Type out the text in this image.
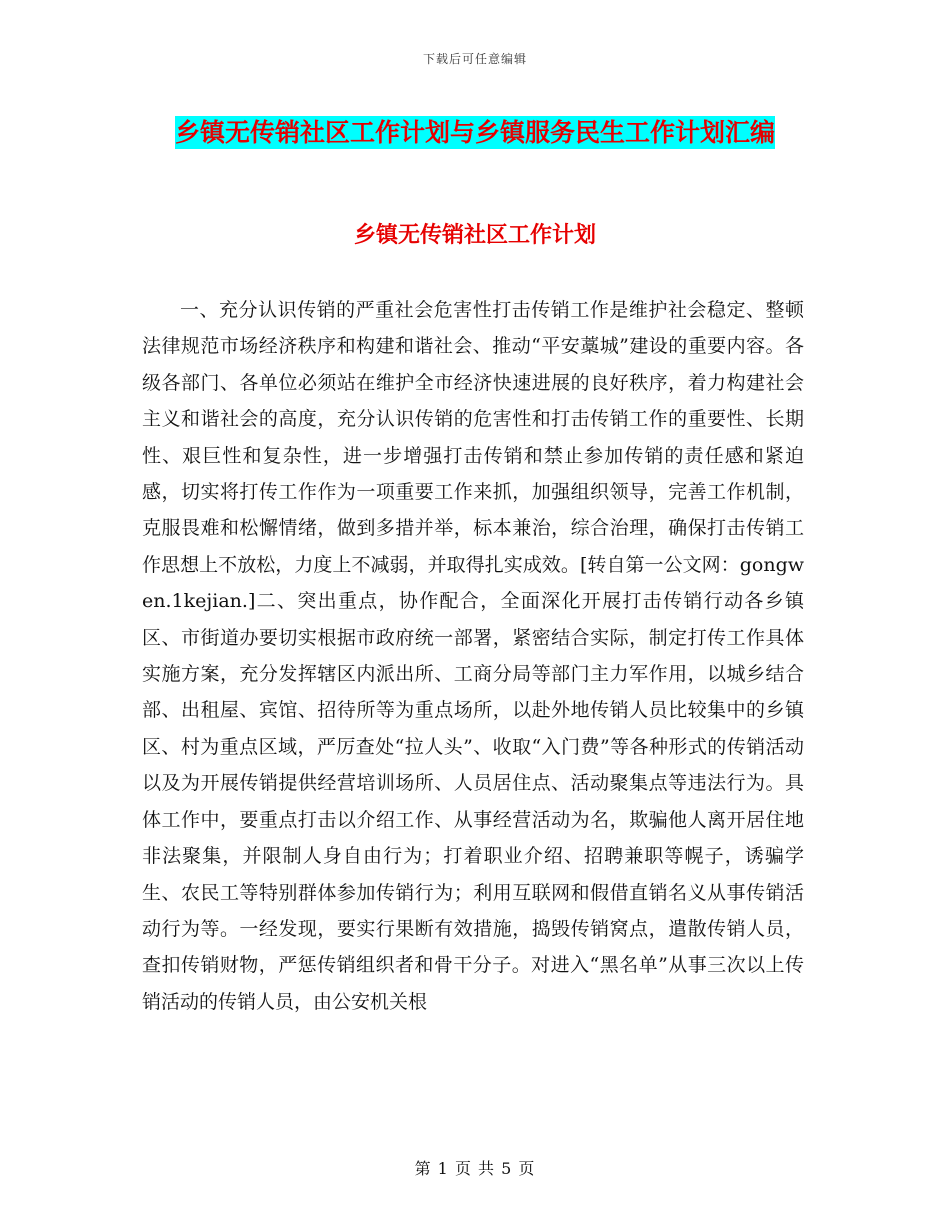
下载后可任意编辑
乡镇无传销社区工作计划与乡镇服务民生工作计划汇编
乡镇无传销社区工作计划

一、充分认识传销的严重社会危害性打击传销工作是维护社会稳定、整顿法律规范市场经济秩序和构建和谐社会、推动“平安藁城”建设的重要内容。各级各部门、各单位必须站在维护全市经济快速进展的良好秩序，着力构建社会主义和谐社会的高度，充分认识传销的危害性和打击传销工作的重要性、长期性、艰巨性和复杂性，进一步增强打击传销和禁止参加传销的责任感和紧迫感，切实将打传工作作为一项重要工作来抓，加强组织领导，完善工作机制，克服畏难和松懈情绪，做到多措并举，标本兼治，综合治理，确保打击传销工作思想上不放松，力度上不减弱，并取得扎实成效。[转自第一公文网：gongwen.1kejian.]二、突出重点，协作配合，全面深化开展打击传销行动各乡镇区、市街道办要切实根据市政府统一部署，紧密结合实际，制定打传工作具体实施方案，充分发挥辖区内派出所、工商分局等部门主力军作用，以城乡结合部、出租屋、宾馆、招待所等为重点场所，以赴外地传销人员比较集中的乡镇区、村为重点区域，严厉查处“拉人头”、收取“入门费”等各种形式的传销活动以及为开展传销提供经营培训场所、人员居住点、活动聚集点等违法行为。具体工作中，要重点打击以介绍工作、从事经营活动为名，欺骗他人离开居住地非法聚集，并限制人身自由行为；打着职业介绍、招聘兼职等幌子，诱骗学生、农民工等特别群体参加传销行为；利用互联网和假借直销名义从事传销活动行为等。一经发现，要实行果断有效措施，捣毁传销窝点，遣散传销人员，查扣传销财物，严惩传销组织者和骨干分子。对进入“黑名单”从事三次以上传销活动的传销人员，由公安机关根

第 1 页 共 5 页
